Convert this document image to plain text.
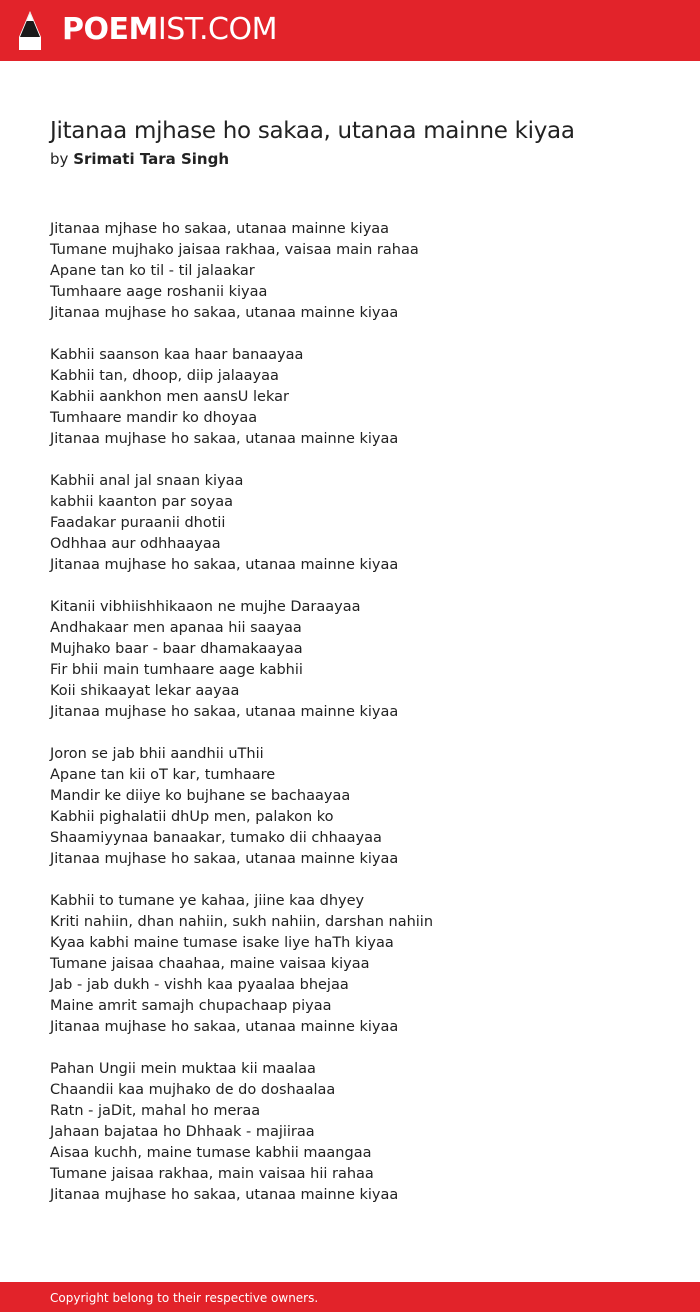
POEMIST.COM
Jitanaa mjhase ho sakaa, utanaa mainne kiyaa
by Srimati Tara Singh
Jitanaa mjhase ho sakaa, utanaa mainne kiyaa
Tumane mujhako jaisaa rakhaa, vaisaa main rahaa
Apane tan ko til - til jalaakar
Tumhaare aage roshanii kiyaa
Jitanaa mujhase ho sakaa, utanaa mainne kiyaa
Kabhii saanson kaa haar banaayaa
Kabhii tan, dhoop, diip jalaayaa
Kabhii aankhon men aansU lekar
Tumhaare mandir ko dhoyaa
Jitanaa mujhase ho sakaa, utanaa mainne kiyaa
Kabhii anal jal snaan kiyaa
kabhii kaanton par soyaa
Faadakar puraanii dhotii
Odhhaa aur odhhaayaa
Jitanaa mujhase ho sakaa, utanaa mainne kiyaa
Kitanii vibhiishhikaaon ne mujhe Daraayaa
Andhakaar men apanaa hii saayaa
Mujhako baar - baar dhamakaayaa
Fir bhii main tumhaare aage kabhii
Koii shikaayat lekar aayaa
Jitanaa mujhase ho sakaa, utanaa mainne kiyaa
Joron se jab bhii aandhii uThii
Apane tan kii oT kar, tumhaare
Mandir ke diiye ko bujhane se bachaayaa
Kabhii pighalatii dhUp men, palakon ko
Shaamiyynaa banaakar, tumako dii chhaayaa
Jitanaa mujhase ho sakaa, utanaa mainne kiyaa
Kabhii to tumane ye kahaa, jiine kaa dhyey
Kriti nahiin, dhan nahiin, sukh nahiin, darshan nahiin
Kyaa kabhi maine tumase isake liye haTh kiyaa
Tumane jaisaa chaahaa, maine vaisaa kiyaa
Jab - jab dukh - vishh kaa pyaalaa bhejaa
Maine amrit samajh chupachaap piyaa
Jitanaa mujhase ho sakaa, utanaa mainne kiyaa
Pahan Ungii mein muktaa kii maalaa
Chaandii kaa mujhako de do doshaalaa
Ratn - jaDit, mahal ho meraa
Jahaan bajataa ho Dhhaak - majiiraa
Aisaa kuchh, maine tumase kabhii maangaa
Tumane jaisaa rakhaa, main vaisaa hii rahaa
Jitanaa mujhase ho sakaa, utanaa mainne kiyaa
Copyright belong to their respective owners.
